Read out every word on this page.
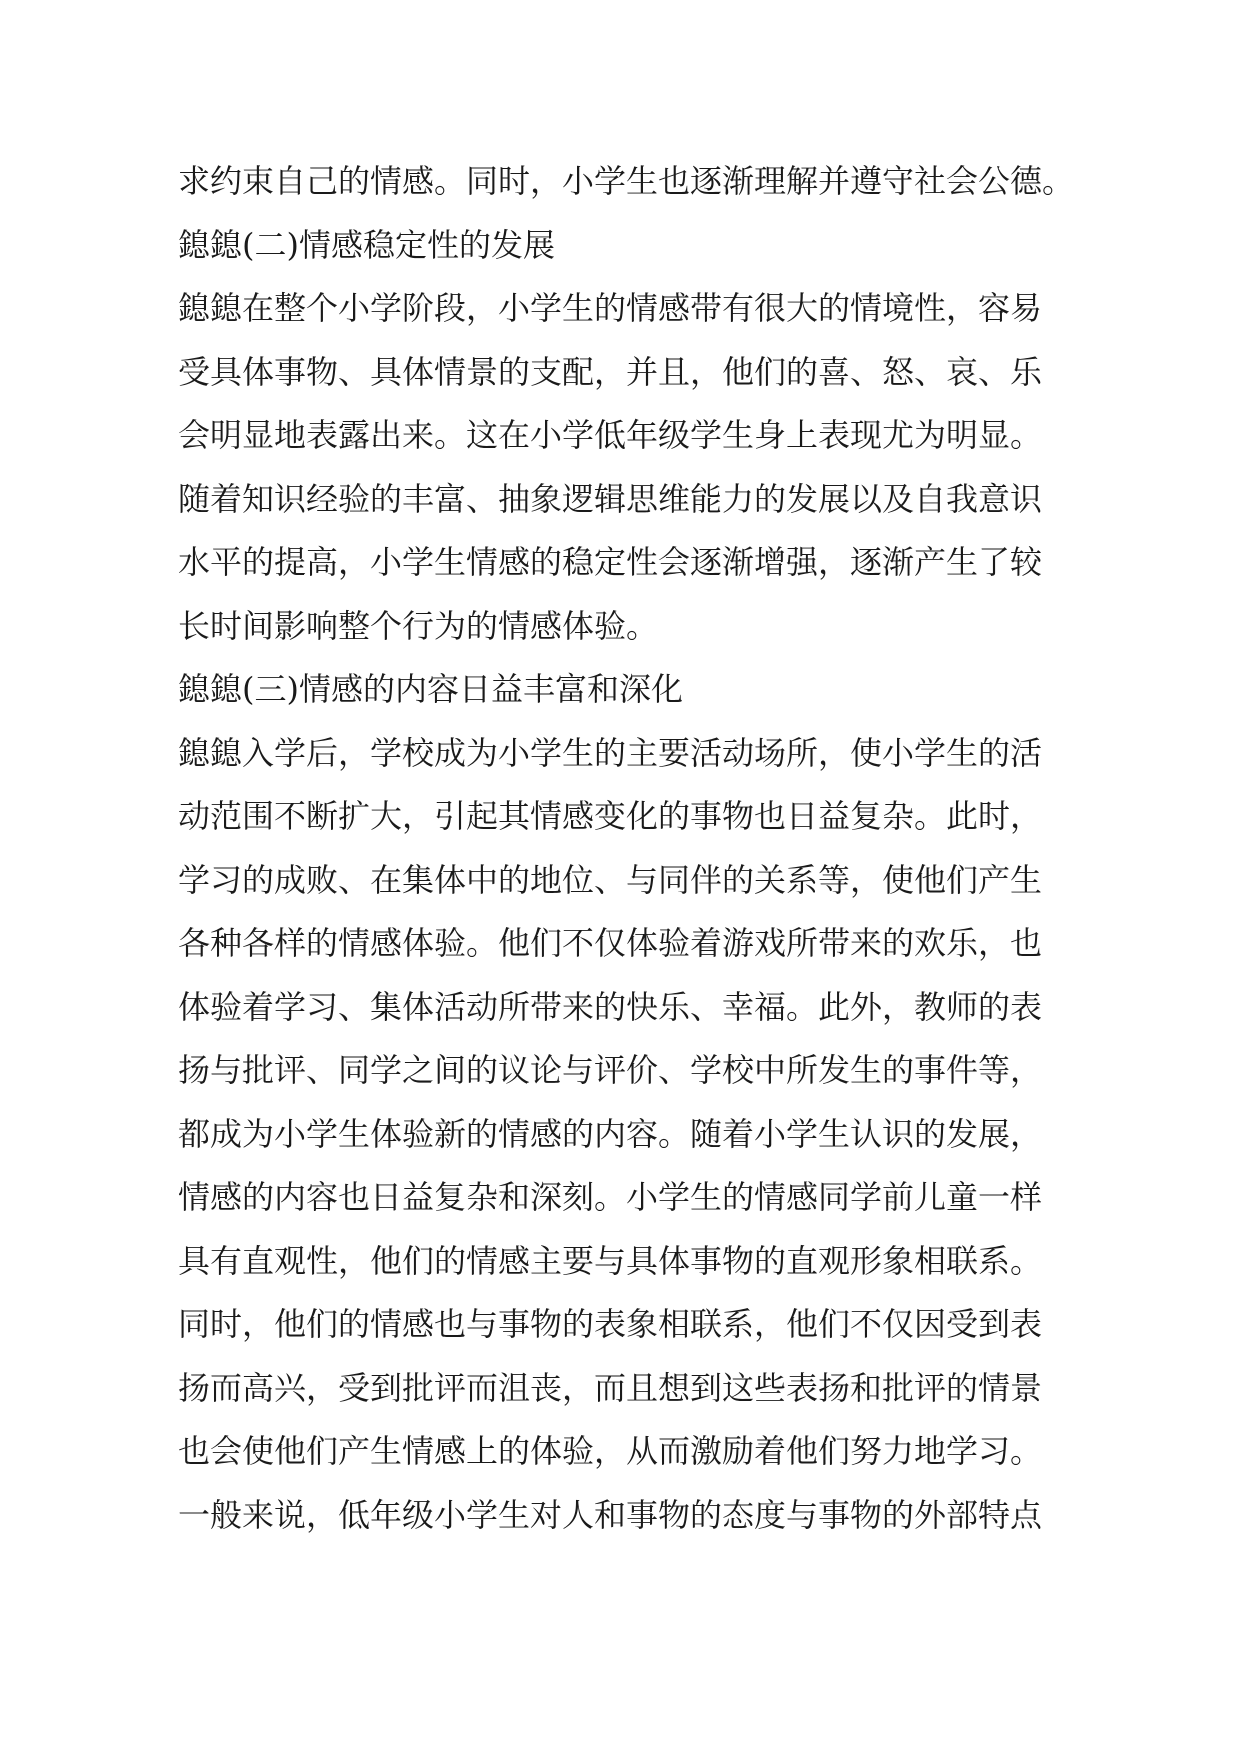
求约束自己的情感。同时，小学生也逐渐理解并遵守社会公德。
鎴鎴(二)情感稳定性的发展
鎴鎴在整个小学阶段，小学生的情感带有很大的情境性，容易
受具体事物、具体情景的支配，并且，他们的喜、怒、哀、乐
会明显地表露出来。这在小学低年级学生身上表现尤为明显。
随着知识经验的丰富、抽象逻辑思维能力的发展以及自我意识
水平的提高，小学生情感的稳定性会逐渐增强，逐渐产生了较
长时间影响整个行为的情感体验。
鎴鎴(三)情感的内容日益丰富和深化
鎴鎴入学后，学校成为小学生的主要活动场所，使小学生的活
动范围不断扩大，引起其情感变化的事物也日益复杂。此时，
学习的成败、在集体中的地位、与同伴的关系等，使他们产生
各种各样的情感体验。他们不仅体验着游戏所带来的欢乐，也
体验着学习、集体活动所带来的快乐、幸福。此外，教师的表
扬与批评、同学之间的议论与评价、学校中所发生的事件等，
都成为小学生体验新的情感的内容。随着小学生认识的发展，
情感的内容也日益复杂和深刻。小学生的情感同学前儿童一样
具有直观性，他们的情感主要与具体事物的直观形象相联系。
同时，他们的情感也与事物的表象相联系，他们不仅因受到表
扬而高兴，受到批评而沮丧，而且想到这些表扬和批评的情景
也会使他们产生情感上的体验，从而激励着他们努力地学习。
一般来说，低年级小学生对人和事物的态度与事物的外部特点
